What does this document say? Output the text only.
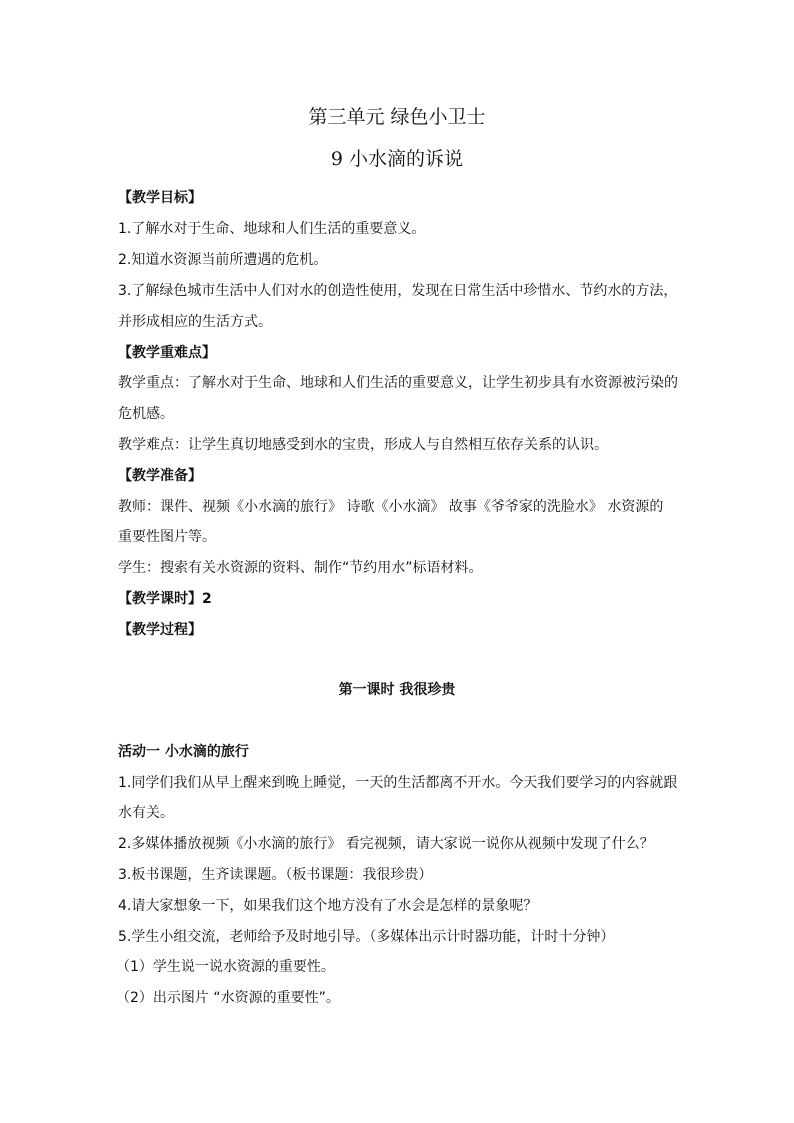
第三单元 绿色小卫士
9 小水滴的诉说
【教学目标】
1.了解水对于生命、地球和人们生活的重要意义。
2.知道水资源当前所遭遇的危机。
3.了解绿色城市生活中人们对水的创造性使用，发现在日常生活中珍惜水、节约水的方法，
并形成相应的生活方式。
【教学重难点】
教学重点：了解水对于生命、地球和人们生活的重要意义，让学生初步具有水资源被污染的
危机感。
教学难点：让学生真切地感受到水的宝贵，形成人与自然相互依存关系的认识。
【教学准备】
教师：课件、视频《小水滴的旅行》 诗歌《小水滴》 故事《爷爷家的洗脸水》 水资源的
重要性图片等。
学生：搜索有关水资源的资料、制作“节约用水”标语材料。
【教学课时】2
【教学过程】
第一课时 我很珍贵
活动一 小水滴的旅行
1.同学们我们从早上醒来到晚上睡觉，一天的生活都离不开水。今天我们要学习的内容就跟
水有关。
2.多媒体播放视频《小水滴的旅行》 看完视频，请大家说一说你从视频中发现了什么？
3.板书课题，生齐读课题。（板书课题：我很珍贵）
4.请大家想象一下，如果我们这个地方没有了水会是怎样的景象呢？
5.学生小组交流，老师给予及时地引导。（多媒体出示计时器功能，计时十分钟）
（1）学生说一说水资源的重要性。
（2）出示图片 “水资源的重要性”。
